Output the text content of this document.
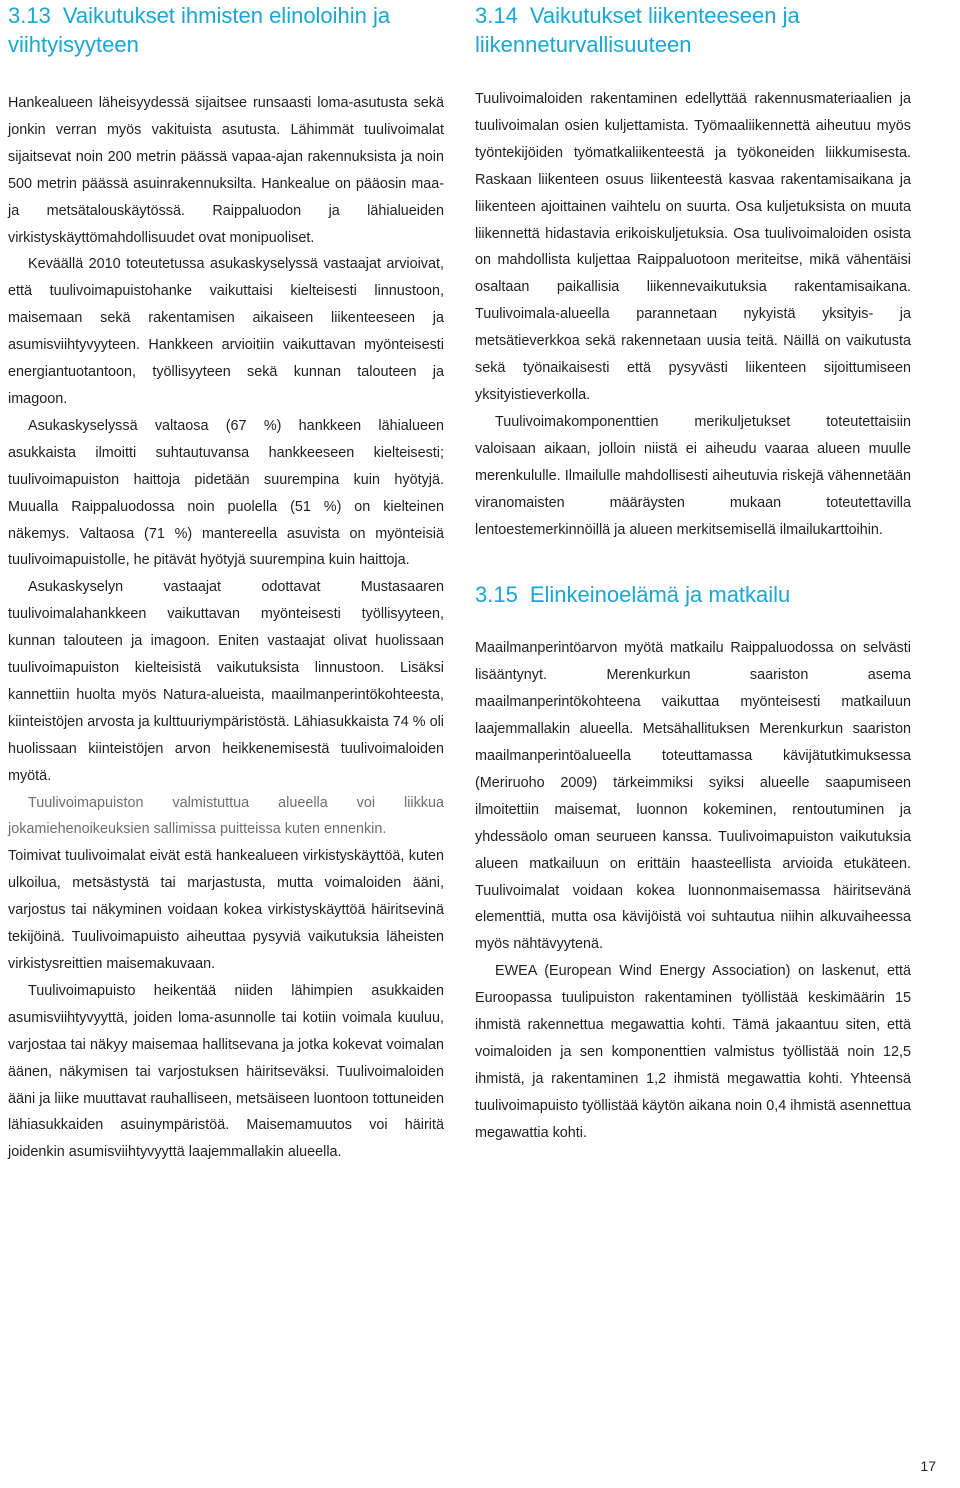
3.13 Vaikutukset ihmisten elinoloihin ja viihtyisyyteen

Hankealueen läheisyydessä sijaitsee runsaasti loma-asutusta sekä jonkin verran myös vakituista asutusta. Lähimmät tuulivoimalat sijaitsevat noin 200 metrin päässä vapaa-ajan rakennuksista ja noin 500 metrin päässä asuinrakennuksilta. Hankealue on pääosin maa- ja metsätalouskäytössä. Raippaluodon ja lähialueiden virkistyskäyttömahdollisuudet ovat monipuoliset.

Keväällä 2010 toteutetussa asukaskyselyssä vastaajat arvioivat, että tuulivoimapuistohanke vaikuttaisi kielteisesti linnustoon, maisemaan sekä rakentamisen aikaiseen liikenteeseen ja asumisviihtyvyyteen. Hankkeen arvioitiin vaikuttavan myönteisesti energiantuotantoon, työllisyyteen sekä kunnan talouteen ja imagoon.

Asukaskyselyssä valtaosa (67 %) hankkeen lähialueen asukkaista ilmoitti suhtautuvansa hankkeeseen kielteisesti; tuulivoimapuiston haittoja pidetään suurempina kuin hyötyjä. Muualla Raippaluodossa noin puolella (51 %) on kielteinen näkemys. Valtaosa (71 %) mantereella asuvista on myönteisiä tuulivoimapuistolle, he pitävät hyötyjä suurempina kuin haittoja.

Asukaskyselyn vastaajat odottavat Mustasaaren tuulivoimalahankkeen vaikuttavan myönteisesti työllisyyteen, kunnan talouteen ja imagoon. Eniten vastaajat olivat huolissaan tuulivoimapuiston kielteisistä vaikutuksista linnustoon. Lisäksi kannettiin huolta myös Natura-alueista, maailmanperintökohteesta, kiinteistöjen arvosta ja kulttuuriympäristöstä. Lähiasukkaista 74 % oli huolissaan kiinteistöjen arvon heikkenemisestä tuulivoimaloiden myötä.

Tuulivoimapuiston valmistuttua alueella voi liikkua jokamiehenoikeuksien sallimissa puitteissa kuten ennenkin.

Toimivat tuulivoimalat eivät estä hankealueen virkistyskäyttöä, kuten ulkoilua, metsästystä tai marjastusta, mutta voimaloiden ääni, varjostus tai näkyminen voidaan kokea virkistyskäyttöä häiritsevinä tekijöinä. Tuulivoimapuisto aiheuttaa pysyviä vaikutuksia läheisten virkistysreittien maisemakuvaan.

Tuulivoimapuisto heikentää niiden lähimpien asukkaiden asumisviihtyvyyttä, joiden loma-asunnolle tai kotiin voimala kuuluu, varjostaa tai näkyy maisemaa hallitsevana ja jotka kokevat voimalan äänen, näkymisen tai varjostuksen häiritseväksi. Tuulivoimaloiden ääni ja liike muuttavat rauhalliseen, metsäiseen luontoon tottuneiden lähiasukkaiden asuinympäristöä. Maisemamuutos voi häiritä joidenkin asumisviihtyvyyttä laajemmallakin alueella.

3.14 Vaikutukset liikenteeseen ja liikenneturvallisuuteen

Tuulivoimaloiden rakentaminen edellyttää rakennusmateriaalien ja tuulivoimalan osien kuljettamista. Työmaaliikennettä aiheutuu myös työntekijöiden työmatkaliikenteestä ja työkoneiden liikkumisesta. Raskaan liikenteen osuus liikenteestä kasvaa rakentamisaikana ja liikenteen ajoittainen vaihtelu on suurta. Osa kuljetuksista on muuta liikennettä hidastavia erikoiskuljetuksia. Osa tuulivoimaloiden osista on mahdollista kuljettaa Raippaluotoon meriteitse, mikä vähentäisi osaltaan paikallisia liikennevaikutuksia rakentamisaikana. Tuulivoimala-alueella parannetaan nykyistä yksityis- ja metsätieverkkoa sekä rakennetaan uusia teitä. Näillä on vaikutusta sekä työnaikaisesti että pysyvästi liikenteen sijoittumiseen yksityistieverkolla.

Tuulivoimakomponenttien merikuljetukset toteutettaisiin valoisaan aikaan, jolloin niistä ei aiheudu vaaraa alueen muulle merenkululle. Ilmailulle mahdollisesti aiheutuvia riskejä vähennetään viranomaisten määräysten mukaan toteutettavilla lentoestemerkinnöillä ja alueen merkitsemisellä ilmailukarttoihin.

3.15 Elinkeinoelämä ja matkailu

Maailmanperintöarvon myötä matkailu Raippaluodossa on selvästi lisääntynyt. Merenkurkun saariston asema maailmanperintökohteena vaikuttaa myönteisesti matkailuun laajemmallakin alueella. Metsähallituksen Merenkurkun saariston maailmanperintöalueella toteuttamassa kävijätutkimuksessa (Meriruoho 2009) tärkeimmiksi syiksi alueelle saapumiseen ilmoitettiin maisemat, luonnon kokeminen, rentoutuminen ja yhdessäolo oman seurueen kanssa. Tuulivoimapuiston vaikutuksia alueen matkailuun on erittäin haasteellista arvioida etukäteen. Tuulivoimalat voidaan kokea luonnonmaisemassa häiritsevänä elementtiä, mutta osa kävijöistä voi suhtautua niihin alkuvaiheessa myös nähtävyytenä.

EWEA (European Wind Energy Association) on laskenut, että Euroopassa tuulipuiston rakentaminen työllistää keskimäärin 15 ihmistä rakennettua megawattia kohti. Tämä jakaantuu siten, että voimaloiden ja sen komponenttien valmistus työllistää noin 12,5 ihmistä, ja rakentaminen 1,2 ihmistä megawattia kohti. Yhteensä tuulivoimapuisto työllistää käytön aikana noin 0,4 ihmistä asennettua megawattia kohti.

17
